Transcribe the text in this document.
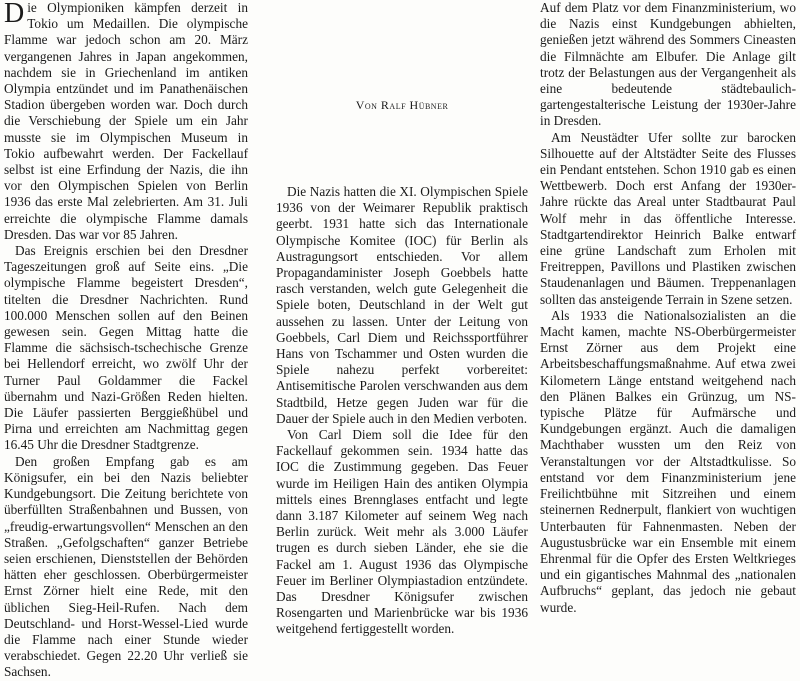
Die Olympioniken kämpfen derzeit in Tokio um Medaillen. Die olympische Flamme war jedoch schon am 20. März vergangenen Jahres in Japan angekommen, nachdem sie in Griechenland im antiken Olympia entzündet und im Panathenäischen Stadion übergeben worden war. Doch durch die Verschiebung der Spiele um ein Jahr musste sie im Olympischen Museum in Tokio aufbewahrt werden. Der Fackellauf selbst ist eine Erfindung der Nazis, die ihn vor den Olympischen Spielen von Berlin 1936 das erste Mal zelebrierten. Am 31. Juli erreichte die olympische Flamme damals Dresden. Das war vor 85 Jahren.

Das Ereignis erschien bei den Dresdner Tageszeitungen groß auf Seite eins. „Die olympische Flamme begeistert Dresden“, titelten die Dresdner Nachrichten. Rund 100.000 Menschen sollen auf den Beinen gewesen sein. Gegen Mittag hatte die Flamme die sächsisch-tschechische Grenze bei Hellendorf erreicht, wo zwölf Uhr der Turner Paul Goldammer die Fackel übernahm und Nazi-Größen Reden hielten. Die Läufer passierten Berggießhübel und Pirna und erreichten am Nachmittag gegen 16.45 Uhr die Dresdner Stadtgrenze.

Den großen Empfang gab es am Königsufer, ein bei den Nazis beliebter Kundgebungsort. Die Zeitung berichtete von überfüllten Straßenbahnen und Bussen, von „freudig-erwartungsvollen“ Menschen an den Straßen. „Gefolgschaften“ ganzer Betriebe seien erschienen, Dienststellen der Behörden hätten eher geschlossen. Oberbürgermeister Ernst Zörner hielt eine Rede, mit den üblichen Sieg-Heil-Rufen. Nach dem Deutschland- und Horst-Wessel-Lied wurde die Flamme nach einer Stunde wieder verabschiedet. Gegen 22.20 Uhr verließ sie Sachsen.

Von Ralf Hübner

Die Nazis hatten die XI. Olympischen Spiele 1936 von der Weimarer Republik praktisch geerbt. 1931 hatte sich das Internationale Olympische Komitee (IOC) für Berlin als Austragungsort entschieden. Vor allem Propagandaminister Joseph Goebbels hatte rasch verstanden, welch gute Gelegenheit die Spiele boten, Deutschland in der Welt gut aussehen zu lassen. Unter der Leitung von Goebbels, Carl Diem und Reichssportführer Hans von Tschammer und Osten wurden die Spiele nahezu perfekt vorbereitet: Antisemitische Parolen verschwanden aus dem Stadtbild, Hetze gegen Juden war für die Dauer der Spiele auch in den Medien verboten.

Von Carl Diem soll die Idee für den Fackellauf gekommen sein. 1934 hatte das IOC die Zustimmung gegeben. Das Feuer wurde im Heiligen Hain des antiken Olympia mittels eines Brennglases entfacht und legte dann 3.187 Kilometer auf seinem Weg nach Berlin zurück. Weit mehr als 3.000 Läufer trugen es durch sieben Länder, ehe sie die Fackel am 1. August 1936 das Olympische Feuer im Berliner Olympiastadion entzündete. Das Dresdner Königsufer zwischen Rosengarten und Marienbrücke war bis 1936 weitgehend fertiggestellt worden.

Auf dem Platz vor dem Finanzministerium, wo die Nazis einst Kundgebungen abhielten, genießen jetzt während des Sommers Cineasten die Filmnächte am Elbufer. Die Anlage gilt trotz der Belastungen aus der Vergangenheit als eine bedeutende städtebaulich-gartengestalterische Leistung der 1930er-Jahre in Dresden.

Am Neustädter Ufer sollte zur barocken Silhouette auf der Altstädter Seite des Flusses ein Pendant entstehen. Schon 1910 gab es einen Wettbewerb. Doch erst Anfang der 1930er-Jahre rückte das Areal unter Stadtbaurat Paul Wolf mehr in das öffentliche Interesse. Stadtgartendirektor Heinrich Balke entwarf eine grüne Landschaft zum Erholen mit Freitreppen, Pavillons und Plastiken zwischen Staudenanlagen und Bäumen. Treppenanlagen sollten das ansteigende Terrain in Szene setzen.

Als 1933 die Nationalsozialisten an die Macht kamen, machte NS-Oberbürgermeister Ernst Zörner aus dem Projekt eine Arbeitsbeschaffungsmaßnahme. Auf etwa zwei Kilometern Länge entstand weitgehend nach den Plänen Balkes ein Grünzug, um NS-typische Plätze für Aufmärsche und Kundgebungen ergänzt. Auch die damaligen Machthaber wussten um den Reiz von Veranstaltungen vor der Altstadtkulisse. So entstand vor dem Finanzministerium jene Freilichtbühne mit Sitzreihen und einem steinernen Rednerpult, flankiert von wuchtigen Unterbauten für Fahnenmasten. Neben der Augustusbrücke war ein Ensemble mit einem Ehrenmal für die Opfer des Ersten Weltkrieges und ein gigantisches Mahnmal des „nationalen Aufbruchs“ geplant, das jedoch nie gebaut wurde.
